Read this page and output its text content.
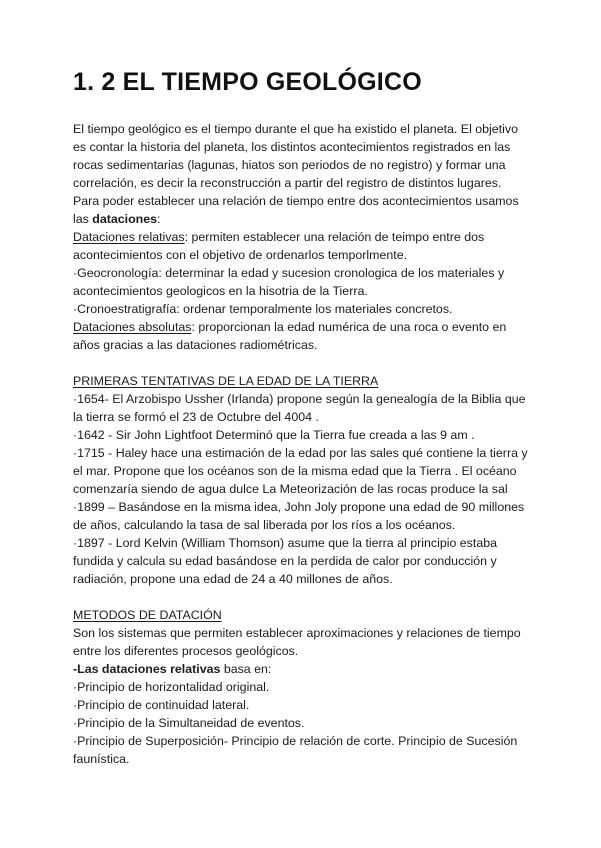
1. 2 EL TIEMPO GEOLÓGICO

El tiempo geológico es el tiempo durante el que ha existido el planeta. El objetivo es contar la historia del planeta, los distintos acontecimientos registrados en las rocas sedimentarias (lagunas, hiatos son periodos de no registro) y formar una correlación, es decir la reconstrucción a partir del registro de distintos lugares. Para poder establecer una relación de tiempo entre dos acontecimientos usamos las dataciones:

Dataciones relativas: permiten establecer una relación de teimpo entre dos acontecimientos con el objetivo de ordenarlos temporlmente.

·Geocronología: determinar la edad y sucesion cronologica de los materiales y acontecimientos geologicos en la hisotria de la Tierra.

·Cronoestratigrafía: ordenar temporalmente los materiales concretos.

Dataciones absolutas: proporcionan la edad numérica de una roca o evento en años gracias a las dataciones radiométricas.

PRIMERAS TENTATIVAS DE LA EDAD DE LA TIERRA

·1654- El Arzobispo Ussher (Irlanda) propone según la genealogía de la Biblia que la tierra se formó el 23 de Octubre del 4004 .

·1642 - Sir John Lightfoot Determinó que la Tierra fue creada a las 9 am .

·1715 - Haley hace una estimación de la edad por las sales qué contiene la tierra y el mar. Propone que los océanos son de la misma edad que la Tierra . El océano comenzaría siendo de agua dulce La Meteorización de las rocas produce la sal

·1899 – Basándose en la misma idea, John Joly propone una edad de 90 millones de años, calculando la tasa de sal liberada por los ríos a los océanos.

·1897 - Lord Kelvin (William Thomson) asume que la tierra al principio estaba fundida y calcula su edad basándose en la perdida de calor por conducción y radiación, propone una edad de 24 a 40 millones de años.

METODOS DE DATACIÓN

Son los sistemas que permiten establecer aproximaciones y relaciones de tiempo entre los diferentes procesos geológicos.

-Las dataciones relativas basa en:

·Principio de horizontalidad original.

·Principio de continuidad lateral.

·Principio de la Simultaneidad de eventos.

·Principio de Superposición- Principio de relación de corte. Principio de Sucesión faunística.
